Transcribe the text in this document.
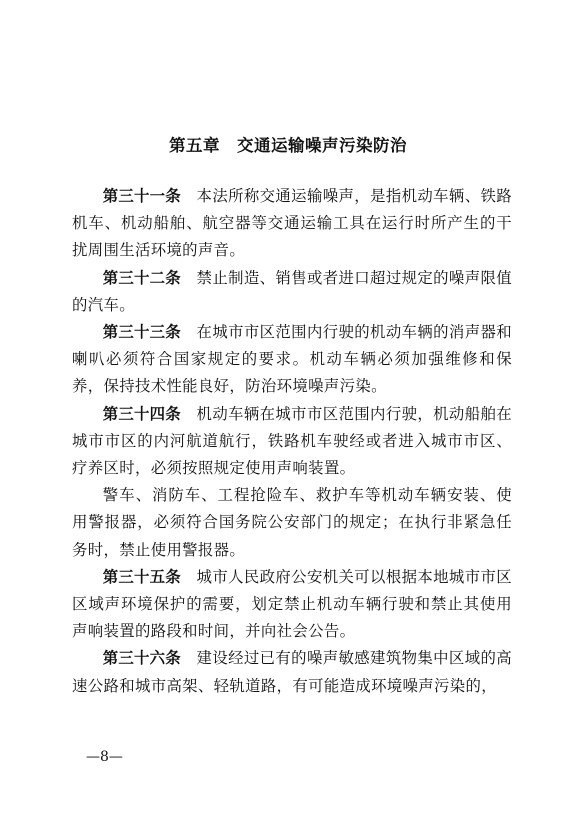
第五章　交通运输噪声污染防治

第三十一条 本法所称交通运输噪声，是指机动车辆、铁路机车、机动船舶、航空器等交通运输工具在运行时所产生的干扰周围生活环境的声音。

第三十二条 禁止制造、销售或者进口超过规定的噪声限值的汽车。

第三十三条 在城市市区范围内行驶的机动车辆的消声器和喇叭必须符合国家规定的要求。机动车辆必须加强维修和保养，保持技术性能良好，防治环境噪声污染。

第三十四条 机动车辆在城市市区范围内行驶，机动船舶在城市市区的内河航道航行，铁路机车驶经或者进入城市市区、疗养区时，必须按照规定使用声响装置。

警车、消防车、工程抢险车、救护车等机动车辆安装、使用警报器，必须符合国务院公安部门的规定；在执行非紧急任务时，禁止使用警报器。

第三十五条 城市人民政府公安机关可以根据本地城市市区区域声环境保护的需要，划定禁止机动车辆行驶和禁止其使用声响装置的路段和时间，并向社会公告。

第三十六条 建设经过已有的噪声敏感建筑物集中区域的高速公路和城市高架、轻轨道路，有可能造成环境噪声污染的，

—8—
